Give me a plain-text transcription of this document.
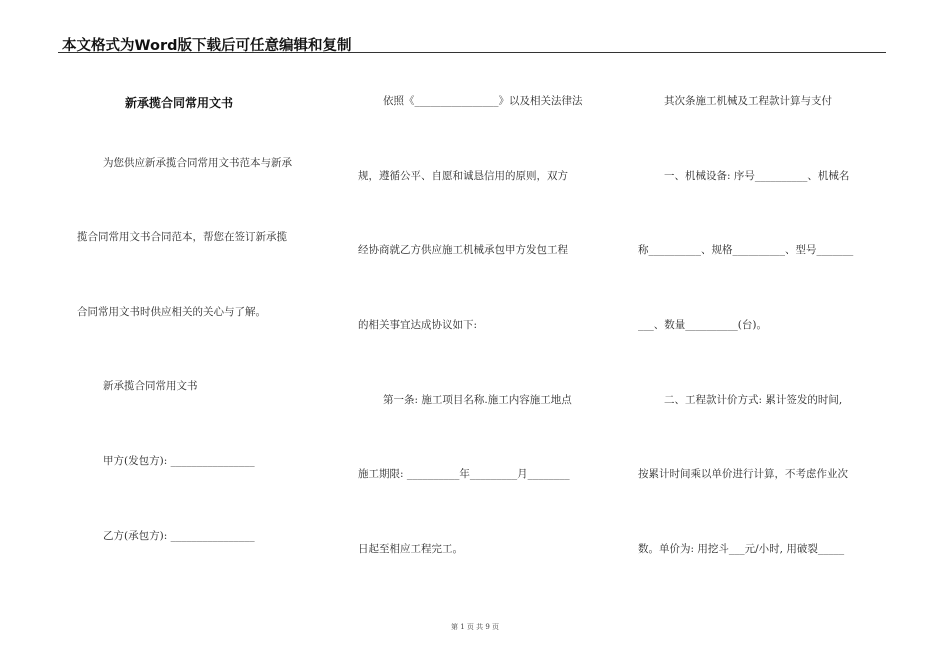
本文格式为Word版下载后可任意编辑和复制
新承揽合同常用文书
为您供应新承揽合同常用文书范本与新承
揽合同常用文书合同范本，帮您在签订新承揽
合同常用文书时供应相关的关心与了解。
新承揽合同常用文书
甲方(发包方): ________________
乙方(承包方): ________________
依照《________________》以及相关法律法
规，遵循公平、自愿和诚恳信用的原则，双方
经协商就乙方供应施工机械承包甲方发包工程
的相关事宜达成协议如下:
第一条: 施工项目名称.施工内容施工地点
施工期限: __________年_________月________
日起至相应工程完工。
其次条施工机械及工程款计算与支付
一、机械设备: 序号__________、机械名
称__________、规格__________、型号_______
___、数量__________(台)。
二、工程款计价方式: 累计签发的时间,
按累计时间乘以单价进行计算，不考虑作业次
数。单价为: 用挖斗___元/小时, 用破裂_____
第 1 页 共 9 页
